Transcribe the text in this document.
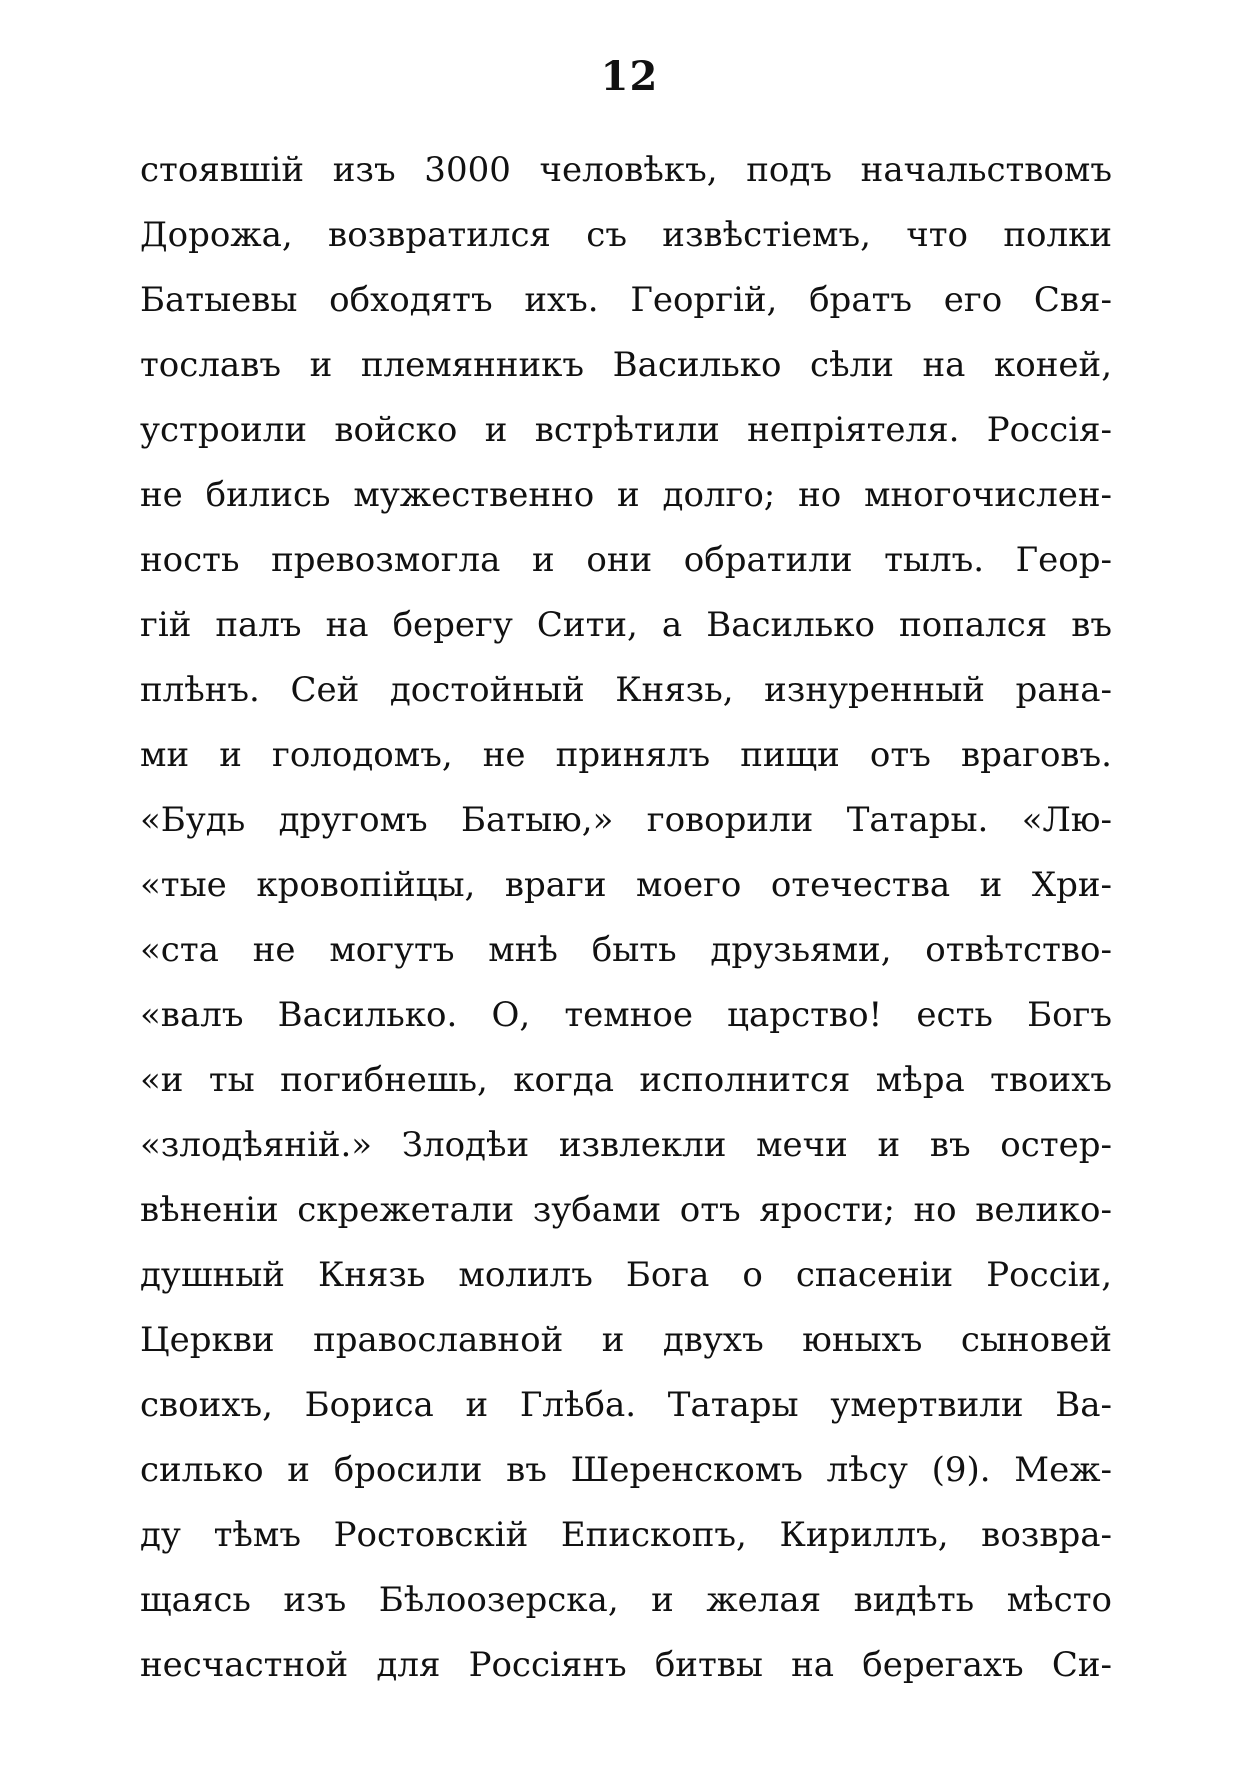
12
стоявшій изъ 3000 человѣкъ, подъ начальствомъ
Дорожа, возвратился съ извѣстіемъ, что полки
Батыевы обходятъ ихъ. Георгій, братъ его Свя-
тославъ и племянникъ Василько сѣли на коней,
устроили войско и встрѣтили непріятеля. Россія-
не бились мужественно и долго; но многочислен-
ность превозмогла и они обратили тылъ. Геор-
гій палъ на берегу Сити, а Василько попался въ
плѣнъ. Сей достойный Князь, изнуренный рана-
ми и голодомъ, не принялъ пищи отъ враговъ.
«Будь другомъ Батыю,» говорили Татары. «Лю-
«тые кровопійцы, враги моего отечества и Хри-
«ста не могутъ мнѣ быть друзьями, отвѣтство-
«валъ Василько. О, темное царство! есть Богъ
«и ты погибнешь, когда исполнится мѣра твоихъ
«злодѣяній.» Злодѣи извлекли мечи и въ остер-
вѣненіи скрежетали зубами отъ ярости; но велико-
душный Князь молилъ Бога о спасеніи Россіи,
Церкви православной и двухъ юныхъ сыновей
своихъ, Бориса и Глѣба. Татары умертвили Ва-
силько и бросили въ Шеренскомъ лѣсу (9). Меж-
ду тѣмъ Ростовскій Епископъ, Кириллъ, возвра-
щаясь изъ Бѣлоозерска, и желая видѣть мѣсто
несчастной для Россіянъ битвы на берегахъ Си-
